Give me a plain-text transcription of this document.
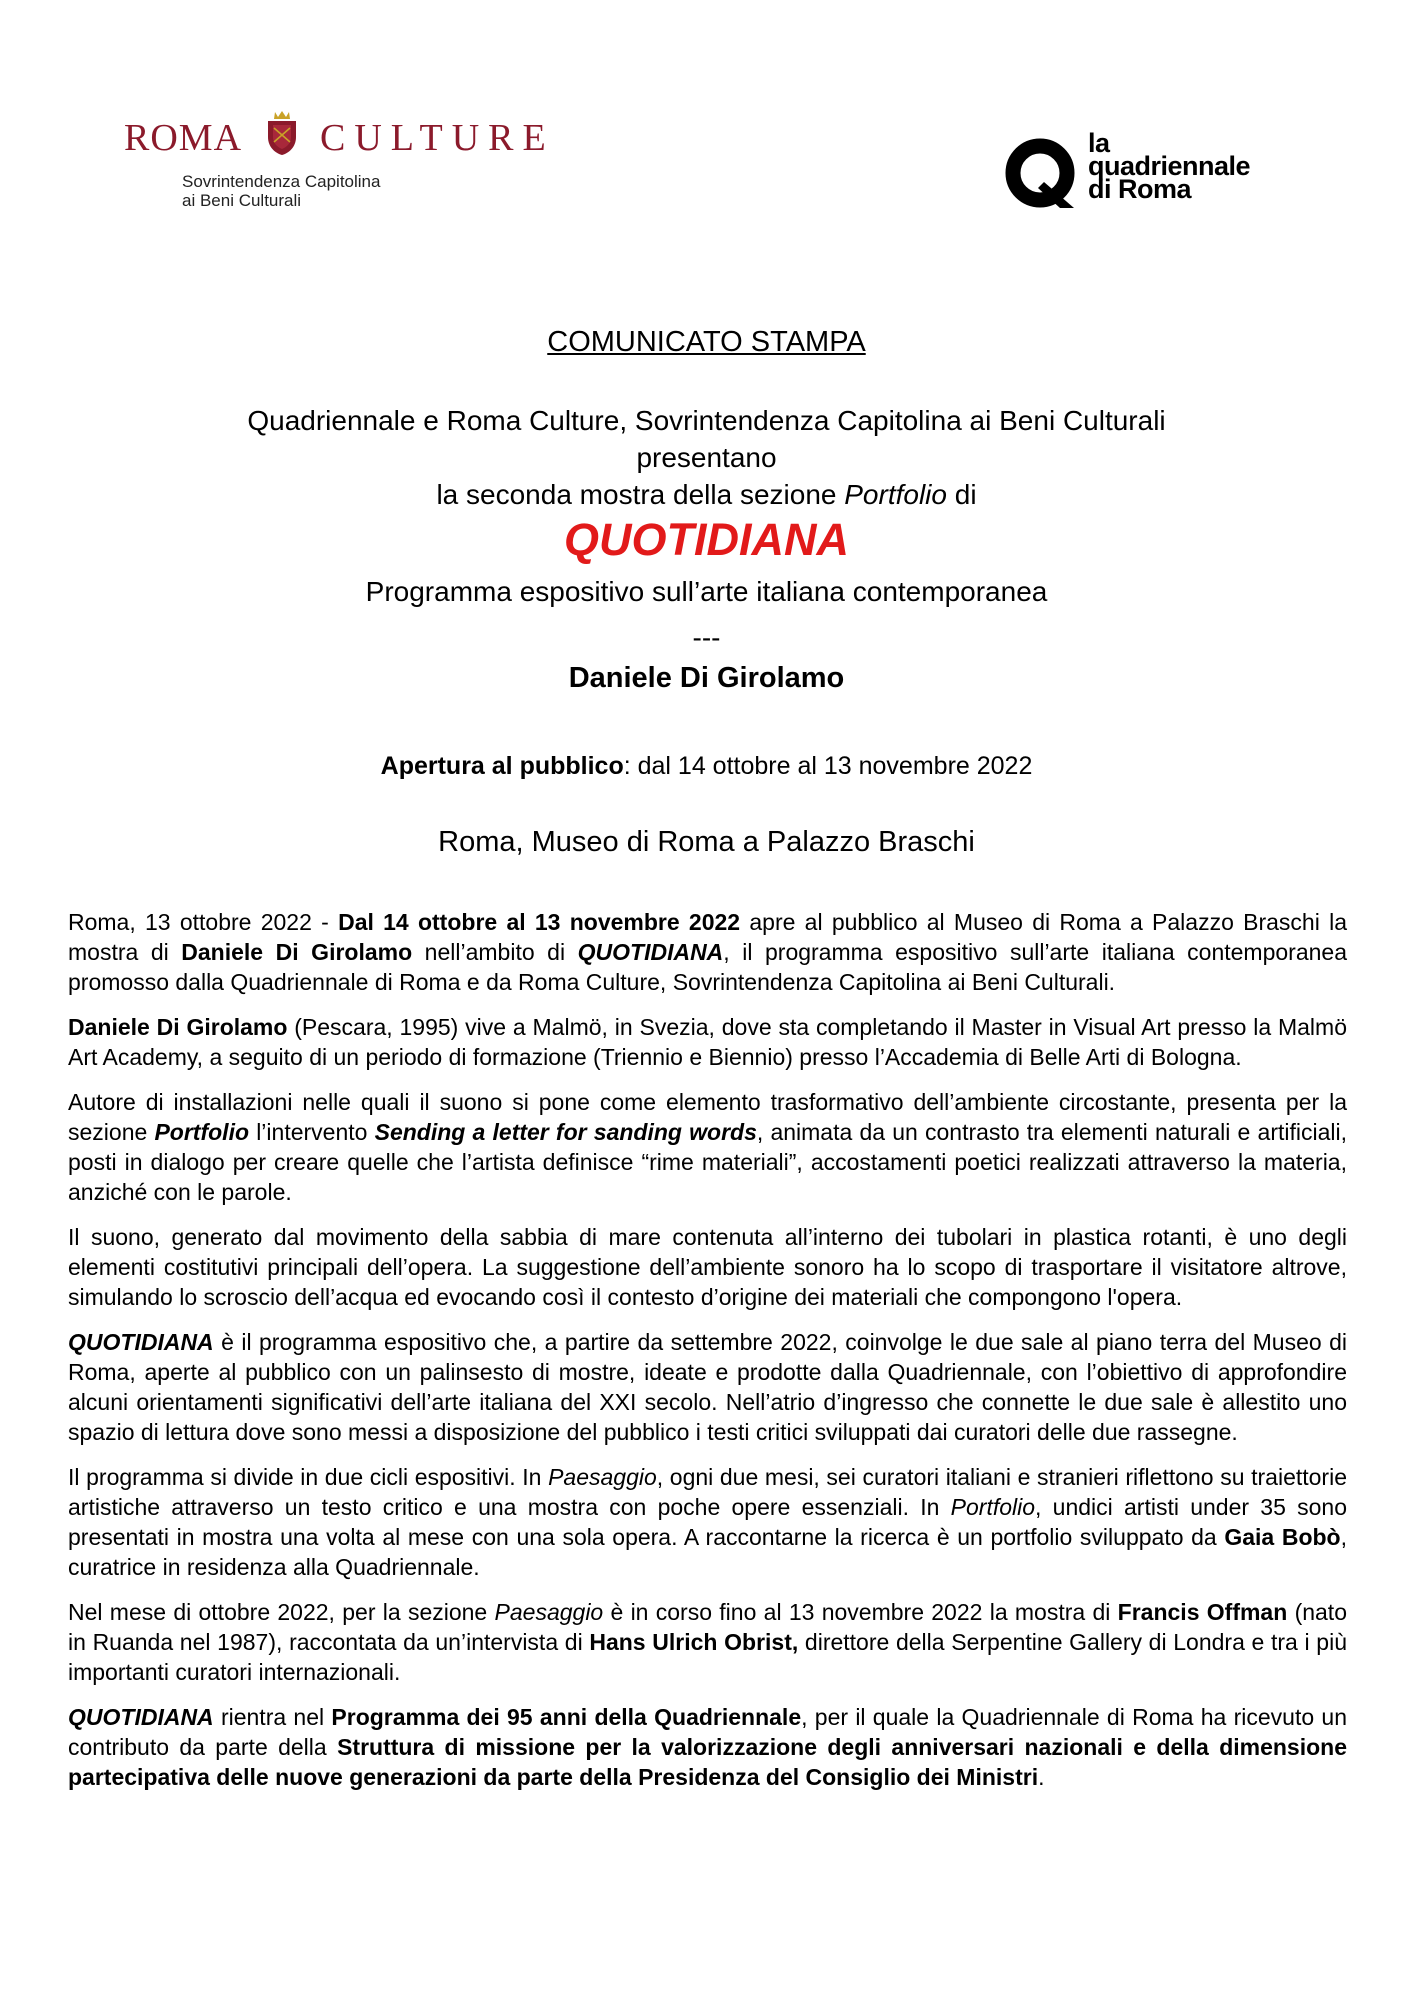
ROMA CULTURE
Sovrintendenza Capitolina
ai Beni Culturali
la
quadriennale
di Roma
COMUNICATO STAMPA
Quadriennale e Roma Culture, Sovrintendenza Capitolina ai Beni Culturali
presentano
la seconda mostra della sezione Portfolio di
QUOTIDIANA
Programma espositivo sull’arte italiana contemporanea
---
Daniele Di Girolamo
Apertura al pubblico: dal 14 ottobre al 13 novembre 2022
Roma, Museo di Roma a Palazzo Braschi

Roma, 13 ottobre 2022 - Dal 14 ottobre al 13 novembre 2022 apre al pubblico al Museo di Roma a Palazzo Braschi la mostra di Daniele Di Girolamo nell’ambito di QUOTIDIANA, il programma espositivo sull’arte italiana contemporanea promosso dalla Quadriennale di Roma e da Roma Culture, Sovrintendenza Capitolina ai Beni Culturali.

Daniele Di Girolamo (Pescara, 1995) vive a Malmö, in Svezia, dove sta completando il Master in Visual Art presso la Malmö Art Academy, a seguito di un periodo di formazione (Triennio e Biennio) presso l’Accademia di Belle Arti di Bologna.

Autore di installazioni nelle quali il suono si pone come elemento trasformativo dell’ambiente circostante, presenta per la sezione Portfolio l’intervento Sending a letter for sanding words, animata da un contrasto tra elementi naturali e artificiali, posti in dialogo per creare quelle che l’artista definisce “rime materiali”, accostamenti poetici realizzati attraverso la materia, anziché con le parole.

Il suono, generato dal movimento della sabbia di mare contenuta all’interno dei tubolari in plastica rotanti, è uno degli elementi costitutivi principali dell’opera. La suggestione dell’ambiente sonoro ha lo scopo di trasportare il visitatore altrove, simulando lo scroscio dell’acqua ed evocando così il contesto d’origine dei materiali che compongono l'opera.

QUOTIDIANA è il programma espositivo che, a partire da settembre 2022, coinvolge le due sale al piano terra del Museo di Roma, aperte al pubblico con un palinsesto di mostre, ideate e prodotte dalla Quadriennale, con l’obiettivo di approfondire alcuni orientamenti significativi dell’arte italiana del XXI secolo. Nell’atrio d’ingresso che connette le due sale è allestito uno spazio di lettura dove sono messi a disposizione del pubblico i testi critici sviluppati dai curatori delle due rassegne.

Il programma si divide in due cicli espositivi. In Paesaggio, ogni due mesi, sei curatori italiani e stranieri riflettono su traiettorie artistiche attraverso un testo critico e una mostra con poche opere essenziali. In Portfolio, undici artisti under 35 sono presentati in mostra una volta al mese con una sola opera. A raccontarne la ricerca è un portfolio sviluppato da Gaia Bobò, curatrice in residenza alla Quadriennale.

Nel mese di ottobre 2022, per la sezione Paesaggio è in corso fino al 13 novembre 2022 la mostra di Francis Offman (nato in Ruanda nel 1987), raccontata da un’intervista di Hans Ulrich Obrist, direttore della Serpentine Gallery di Londra e tra i più importanti curatori internazionali.

QUOTIDIANA rientra nel Programma dei 95 anni della Quadriennale, per il quale la Quadriennale di Roma ha ricevuto un contributo da parte della Struttura di missione per la valorizzazione degli anniversari nazionali e della dimensione partecipativa delle nuove generazioni da parte della Presidenza del Consiglio dei Ministri.
